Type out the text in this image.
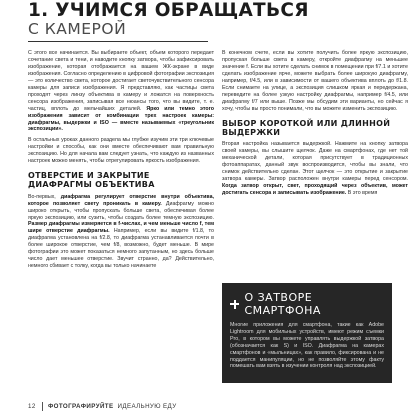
1. УЧИМСЯ ОБРАЩАТЬСЯ
С КАМЕРОЙ

С этого все начинается. Вы выбираете объект, объем которого передает сочетание света и тени, и наводите кнопку затвора, чтобы зафиксировать изображение, которая отображается на вашем ЖК-экране в виде изображения. Согласно определению в цифровой фотографии экспозиция — это количество света, которое достигает светочувствительного сенсора камеры для записи изображения. Я представляю, как частицы света проходят через линзу объектива в камеру и ложатся на поверхность сенсора изображения, записывая все нюансы того, что вы видите, т. е. частиц, вплоть до мельчайших деталей. Ярко или темно этого изображения зависит от комбинации трех настроек камеры: диафрагмы, выдержки и ISO — вместе называемых «треугольник экспозиции».

В остальных уроках данного раздела мы глубже изучим эти три ключевые настройки и способы, как они вместе обеспечивают вам правильную экспозицию. Но для начала вам следует узнать, что каждую из названных настроек можно менять, чтобы отрегулировать яркость изображения.

ОТВЕРСТИЕ И ЗАКРЫТИЕ ДИАФРАГМЫ ОБЪЕКТИВА

Во-первых, диафрагма регулирует отверстие внутри объектива, которое позволяет свету проникать в камеру. Диафрагму можно широко открыть, чтобы пропускать больше света, обеспечивая более яркую экспозицию, или сузить, чтобы создать более темную экспозицию. Размер диафрагмы измеряется в f-числах, и чем меньше число f, тем шире отверстие диафрагмы. Например, если вы видите f/1.8, то диафрагма установлена на f/2.8, то диафрагма устанавливается почти в более широкое отверстие, чем f/8, возможно, будет меньше. В мире фотографии это может показаться немного запутанным, но здесь больше число дает меньшее отверстие. Звучит странно, да? Действительно, немного сбивает с толку, когда вы только начинаете

В конечном счете, если вы хотите получить более яркую экспозицию, пропуская больше света в камеру, откройте диафрагму на меньшее значение f. Если вы хотите сделать снимок в помещении при f/7.1 и хотите сделать изображение ярче, можете выбрать более широкую диафрагму, например, f/4.5, или в зависимости от вашего объектива вплоть до f/1.8. Если снимаете на улице, а экспозиция слишком яркая и передержана, переведите на более узкую настройку диафрагмы, например f/4.5, или диафрагму f/7 или выше. Позже мы обсудим эти варианты, но сейчас я хочу, чтобы вы просто понимали, что вы можете изменить экспозицию.

ВЫБОР КОРОТКОЙ ИЛИ ДЛИННОЙ ВЫДЕРЖКИ

Вторая настройка называется выдержкой. Нажмите на кнопку затвора своей камеры, вы слышите щелчок. Даже на смартфонах, где нет той механической детали, которая присутствует в традиционных фотоаппаратах, данный звук воспроизводится, чтобы вы знали, что снимок действительно сделан. Этот щелчок — это открытие и закрытие затвора камеры. Затвор расположен внутри камеры перед сенсором. Когда затвор открыт, свет, проходящий через объектив, может достигать сенсора и записывать изображение. В это время

О ЗАТВОРЕ СМАРТФОНА
Многие приложения для смартфона, такие как Adobe Lightroom для мобильных устройств, имеют режим съемки Pro, в котором вы можете управлять выдержкой затвора (обозначается как S) и ISO. Диафрагма на камерах смартфонов и «мыльницах», как правило, фиксирована и не поддается манипуляции, но не позволяйте этому факту помешать вам взять в изучении контроля над экспозицией.
12	ФОТОГРАФИРУЙТЕ ИДЕАЛЬНУЮ ЕДУ
